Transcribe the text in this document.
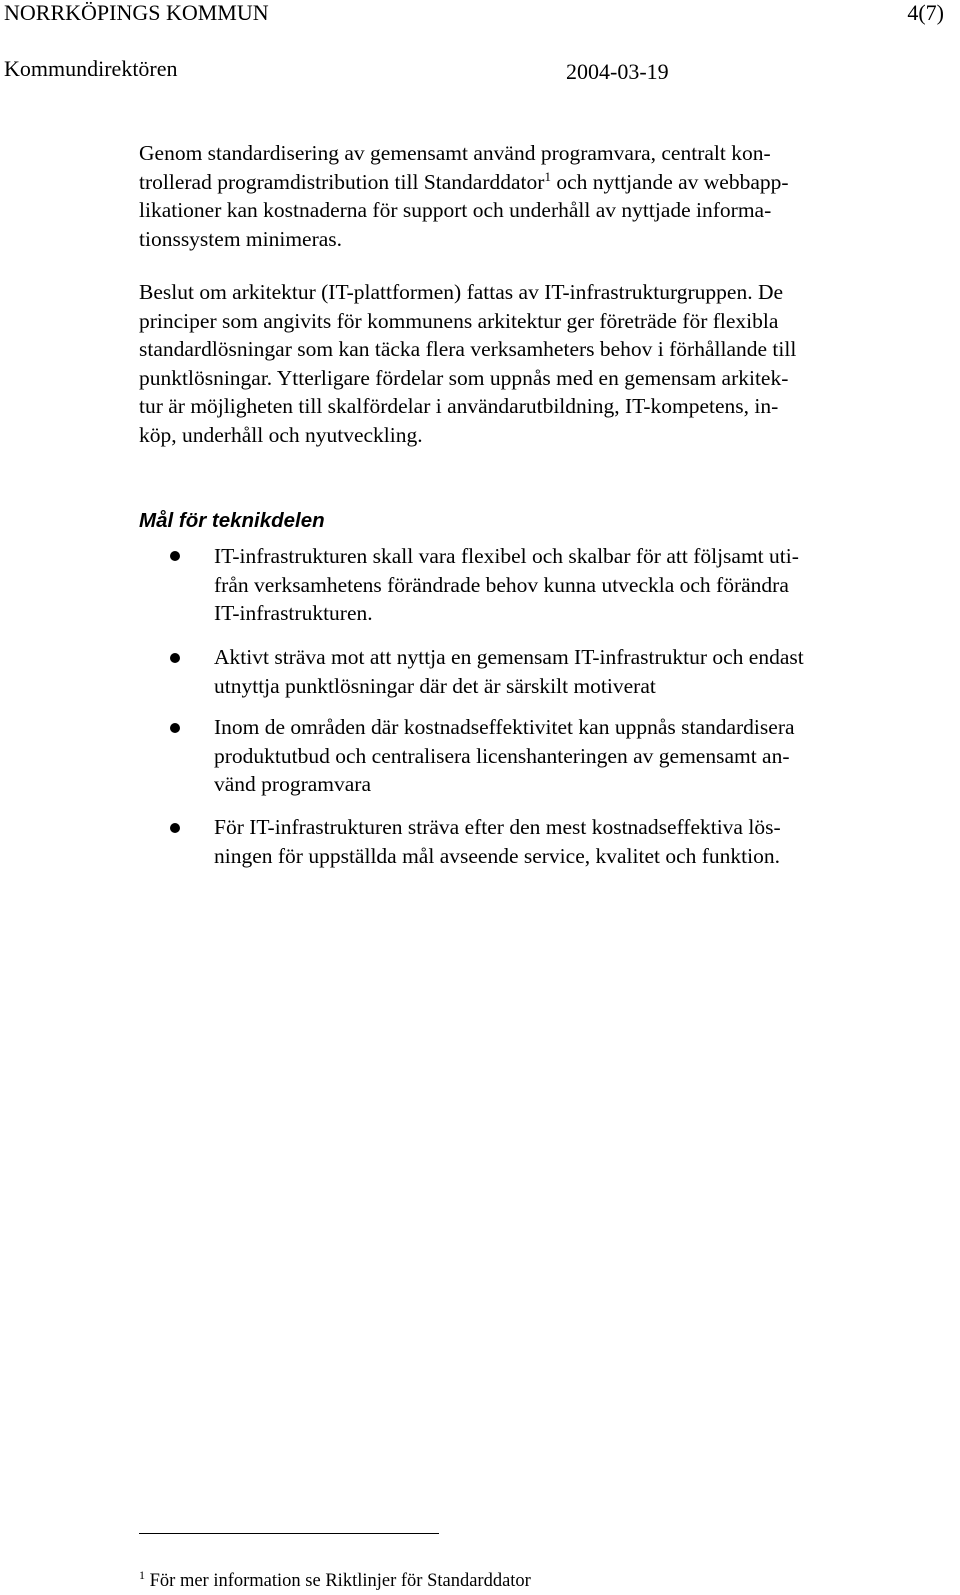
NORRKÖPINGS KOMMUN	4(7)
Kommundirektören	2004-03-19
Genom standardisering av gemensamt använd programvara, centralt kon-
trollerad programdistribution till Standarddator$^1$ och nyttjande av webbapp-
likationer kan kostnaderna för support och underhåll av nyttjade informa-
tionssystem minimeras.
Beslut om arkitektur (IT-plattformen) fattas av IT-infrastrukturgruppen. De
principer som angivits för kommunens arkitektur ger företräde för flexibla
standardlösningar som kan täcka flera verksamheters behov i förhållande till
punktlösningar. Ytterligare fördelar som uppnås med en gemensam arkitek-
tur är möjligheten till skalfördelar i användarutbildning, IT-kompetens, in-
köp, underhåll och nyutveckling.
Mål för teknikdelen
IT-infrastrukturen skall vara flexibel och skalbar för att följsamt uti-
från verksamhetens förändrade behov kunna utveckla och förändra
IT-infrastrukturen.
Aktivt sträva mot att nyttja en gemensam IT-infrastruktur och endast
utnyttja punktlösningar där det är särskilt motiverat
Inom de områden där kostnadseffektivitet kan uppnås standardisera
produktutbud och centralisera licenshanteringen av gemensamt an-
vänd programvara
För IT-infrastrukturen sträva efter den mest kostnadseffektiva lös-
ningen för uppställda mål avseende service, kvalitet och funktion.
$^1$ För mer information se Riktlinjer för Standarddator
